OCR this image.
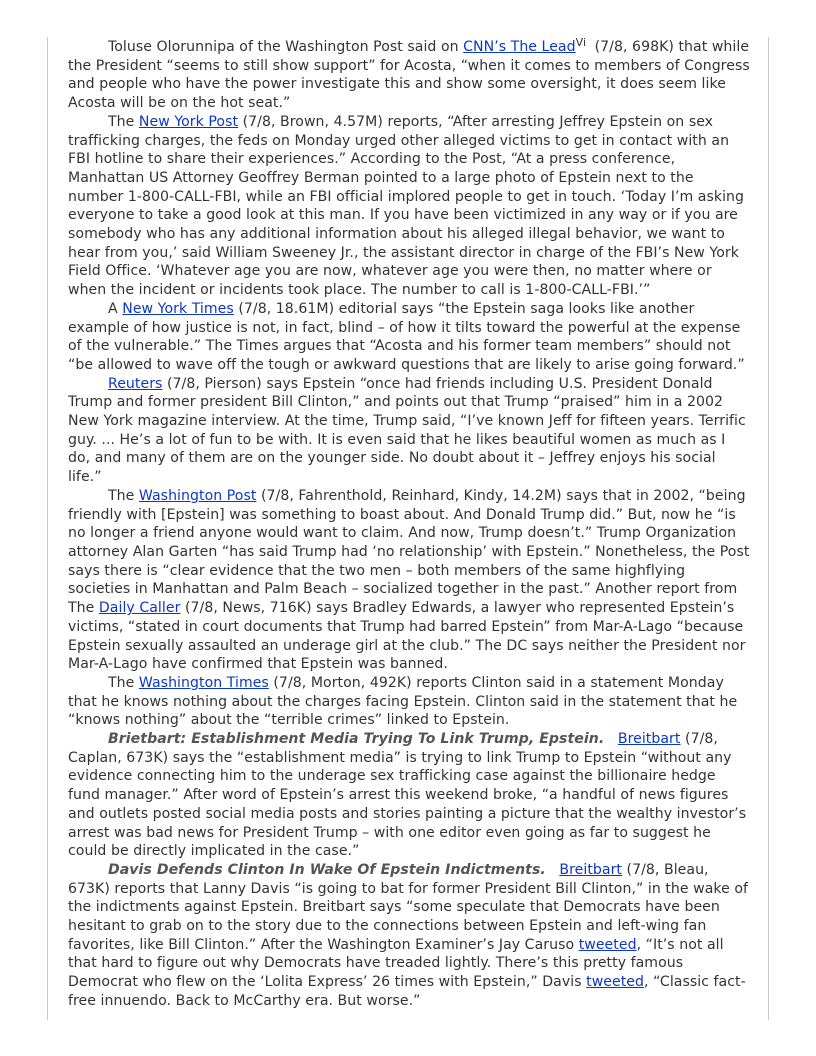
Toluse Olorunnipa of the Washington Post said on CNN’s The Lead$^{Vi}$ (7/8, 698K) that while the President “seems to still show support” for Acosta, “when it comes to members of Congress and people who have the power investigate this and show some oversight, it does seem like Acosta will be on the hot seat.”

The New York Post (7/8, Brown, 4.57M) reports, “After arresting Jeffrey Epstein on sex trafficking charges, the feds on Monday urged other alleged victims to get in contact with an FBI hotline to share their experiences.” According to the Post, “At a press conference, Manhattan US Attorney Geoffrey Berman pointed to a large photo of Epstein next to the number 1-800-CALL-FBI, while an FBI official implored people to get in touch. ‘Today I’m asking everyone to take a good look at this man. If you have been victimized in any way or if you are somebody who has any additional information about his alleged illegal behavior, we want to hear from you,’ said William Sweeney Jr., the assistant director in charge of the FBI’s New York Field Office. ‘Whatever age you are now, whatever age you were then, no matter where or when the incident or incidents took place. The number to call is 1-800-CALL-FBI.’”

A New York Times (7/8, 18.61M) editorial says “the Epstein saga looks like another example of how justice is not, in fact, blind – of how it tilts toward the powerful at the expense of the vulnerable.” The Times argues that “Acosta and his former team members” should not “be allowed to wave off the tough or awkward questions that are likely to arise going forward.”

Reuters (7/8, Pierson) says Epstein “once had friends including U.S. President Donald Trump and former president Bill Clinton,” and points out that Trump “praised” him in a 2002 New York magazine interview. At the time, Trump said, “I’ve known Jeff for fifteen years. Terrific guy. ... He’s a lot of fun to be with. It is even said that he likes beautiful women as much as I do, and many of them are on the younger side. No doubt about it – Jeffrey enjoys his social life.”

The Washington Post (7/8, Fahrenthold, Reinhard, Kindy, 14.2M) says that in 2002, “being friendly with [Epstein] was something to boast about. And Donald Trump did.” But, now he “is no longer a friend anyone would want to claim. And now, Trump doesn’t.” Trump Organization attorney Alan Garten “has said Trump had ‘no relationship’ with Epstein.” Nonetheless, the Post says there is “clear evidence that the two men – both members of the same highflying societies in Manhattan and Palm Beach – socialized together in the past.” Another report from The Daily Caller (7/8, News, 716K) says Bradley Edwards, a lawyer who represented Epstein’s victims, “stated in court documents that Trump had barred Epstein” from Mar-A-Lago “because Epstein sexually assaulted an underage girl at the club.” The DC says neither the President nor Mar-A-Lago have confirmed that Epstein was banned.

The Washington Times (7/8, Morton, 492K) reports Clinton said in a statement Monday that he knows nothing about the charges facing Epstein. Clinton said in the statement that he “knows nothing” about the “terrible crimes” linked to Epstein.

Brietbart: Establishment Media Trying To Link Trump, Epstein. Breitbart (7/8, Caplan, 673K) says the “establishment media” is trying to link Trump to Epstein “without any evidence connecting him to the underage sex trafficking case against the billionaire hedge fund manager.” After word of Epstein’s arrest this weekend broke, “a handful of news figures and outlets posted social media posts and stories painting a picture that the wealthy investor’s arrest was bad news for President Trump – with one editor even going as far to suggest he could be directly implicated in the case.”

Davis Defends Clinton In Wake Of Epstein Indictments. Breitbart (7/8, Bleau, 673K) reports that Lanny Davis “is going to bat for former President Bill Clinton,” in the wake of the indictments against Epstein. Breitbart says “some speculate that Democrats have been hesitant to grab on to the story due to the connections between Epstein and left-wing fan favorites, like Bill Clinton.” After the Washington Examiner’s Jay Caruso tweeted, “It’s not all that hard to figure out why Democrats have treaded lightly. There’s this pretty famous Democrat who flew on the ‘Lolita Express’ 26 times with Epstein,” Davis tweeted, “Classic fact-free innuendo. Back to McCarthy era. But worse.”
